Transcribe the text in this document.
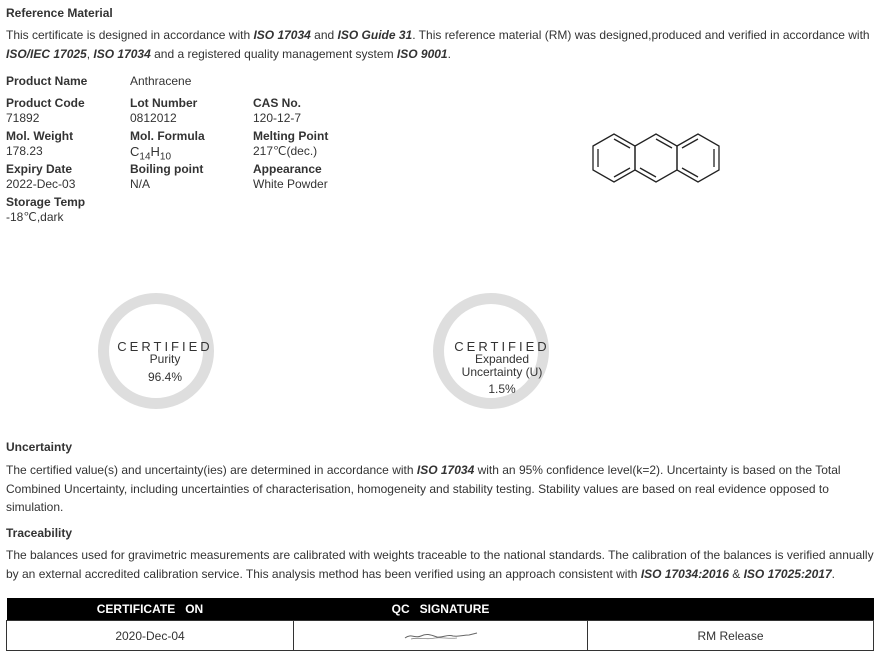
Reference Material
This certificate is designed in accordance with ISO 17034 and ISO Guide 31. This reference material (RM) was designed,produced and verified in accordance with ISO/IEC 17025, ISO 17034 and a registered quality management system ISO 9001.
Product Name	Anthracene
Product Code
71892
Lot Number
0812012
CAS No.
120-12-7
Mol. Weight
178.23
Mol. Formula
$C_{14}H_{10}$
Melting Point
217℃(dec.)
Expiry Date
2022-Dec-03
Boiling point
N/A
Appearance
White Powder
Storage Temp
-18℃,dark
CERTIFIED
Purity
96.4%
CERTIFIED
Expanded
Uncertainty (U)
1.5%
Uncertainty
The certified value(s) and uncertainty(ies) are determined in accordance with ISO 17034 with an 95% confidence level(k=2). Uncertainty is based on the Total Combined Uncertainty, including uncertainties of characterisation, homogeneity and stability testing. Stability values are based on real evidence opposed to simulation.
Traceability
The balances used for gravimetric measurements are calibrated with weights traceable to the national standards. The calibration of the balances is verified annually by an external accredited calibration service. This analysis method has been verified using an approach consistent with ISO 17034:2016 & ISO 17025:2017.
CERTIFICATE   ON	QC   SIGNATURE	
2020-Dec-04		RM Release
